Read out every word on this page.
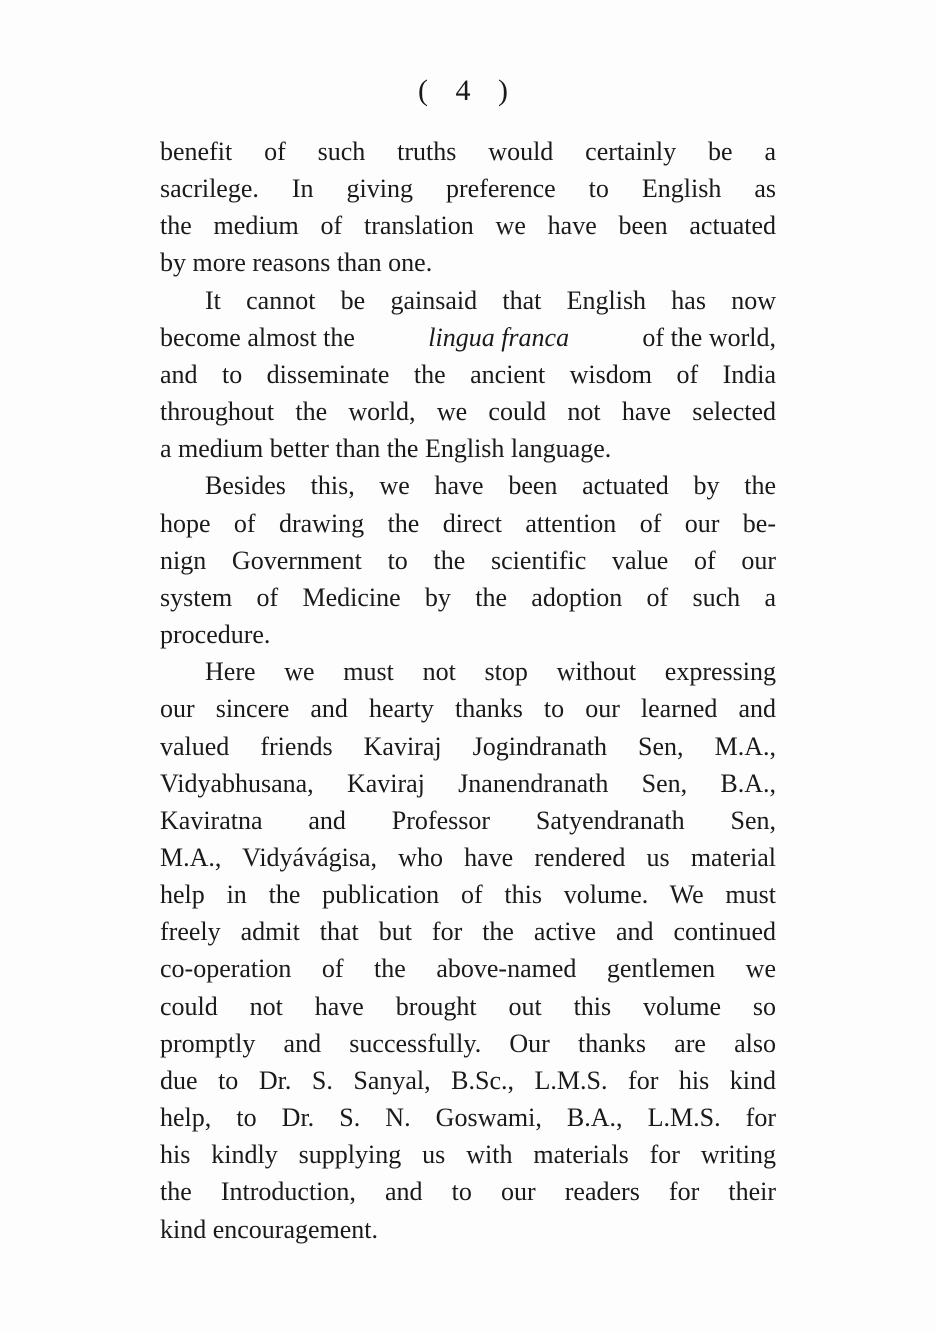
( 4 )
benefit of such truths would certainly be a
sacrilege. In giving preference to English as
the medium of translation we have been actuated
by more reasons than one.
It cannot be gainsaid that English has now
become almost the	lingua franca	of the world,
and to disseminate the ancient wisdom of India
throughout the world, we could not have selected
a medium better than the English language.
Besides this, we have been actuated by the
hope of drawing the direct attention of our be-
nign Government to the scientific value of our
system of Medicine by the adoption of such a
procedure.
Here we must not stop without expressing
our sincere and hearty thanks to our learned and
valued friends Kaviraj Jogindranath Sen, M.A.,
Vidyabhusana, Kaviraj Jnanendranath Sen, B.A.,
Kaviratna and Professor Satyendranath Sen,
M.A., Vidyávágisa, who have rendered us material
help in the publication of this volume. We must
freely admit that but for the active and continued
co-operation of the above-named gentlemen we
could not have brought out this volume so
promptly and successfully. Our thanks are also
due to Dr. S. Sanyal, B.Sc., L.M.S. for his kind
help, to Dr. S. N. Goswami, B.A., L.M.S. for
his kindly supplying us with materials for writing
the Introduction, and to our readers for their
kind encouragement.
